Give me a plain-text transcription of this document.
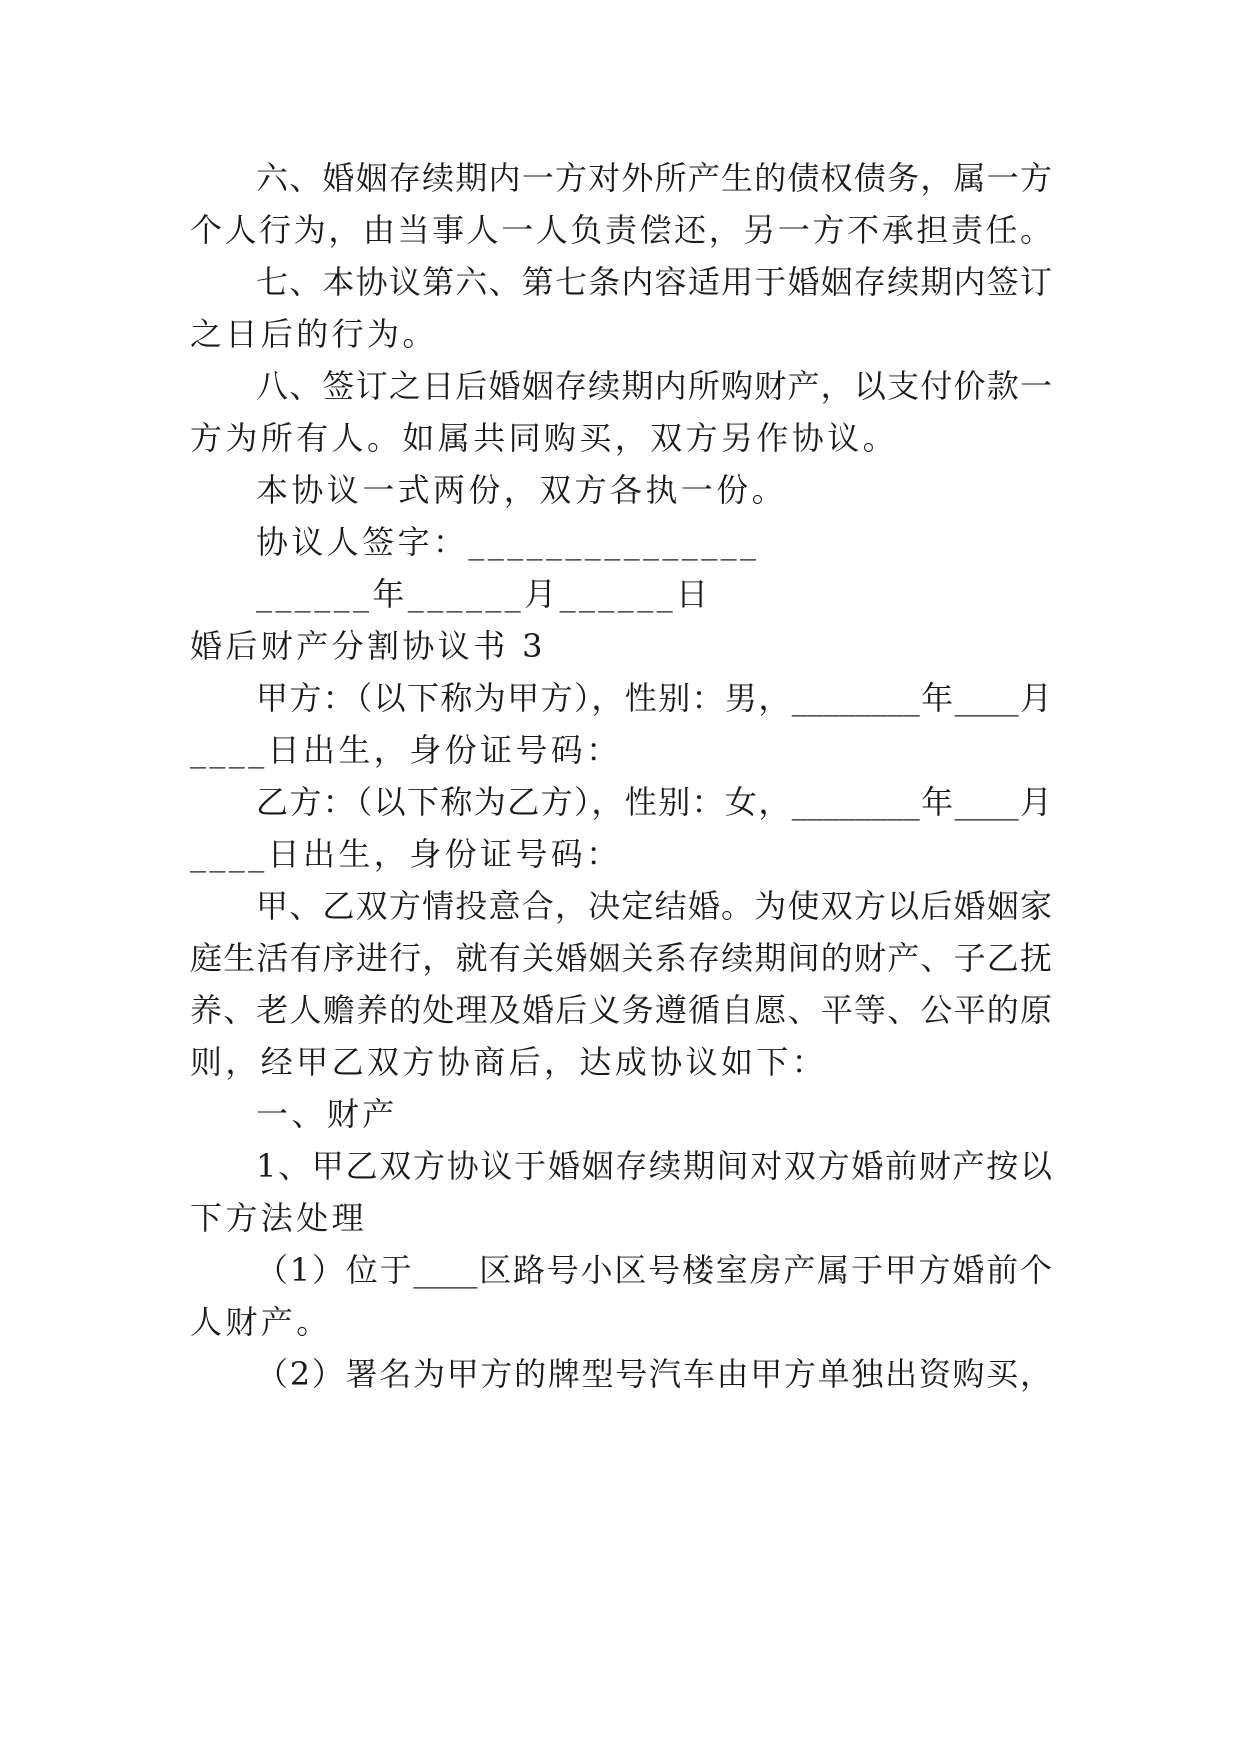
六、婚姻存续期内一方对外所产生的债权债务，属一方
个人行为，由当事人一人负责偿还，另一方不承担责任。
七、本协议第六、第七条内容适用于婚姻存续期内签订
之日后的行为。
八、签订之日后婚姻存续期内所购财产，以支付价款一
方为所有人。如属共同购买，双方另作协议。
本协议一式两份，双方各执一份。
协议人签字：_______________
______年______月______日
婚后财产分割协议书 3
甲方：（以下称为甲方），性别：男，________年____月
____日出生，身份证号码：
乙方：（以下称为乙方），性别：女，________年____月
____日出生，身份证号码：
甲、乙双方情投意合，决定结婚。为使双方以后婚姻家
庭生活有序进行，就有关婚姻关系存续期间的财产、子乙抚
养、老人赡养的处理及婚后义务遵循自愿、平等、公平的原
则，经甲乙双方协商后，达成协议如下：
一、财产
1、甲乙双方协议于婚姻存续期间对双方婚前财产按以
下方法处理
（1）位于____区路号小区号楼室房产属于甲方婚前个
人财产。
（2）署名为甲方的牌型号汽车由甲方单独出资购买，
